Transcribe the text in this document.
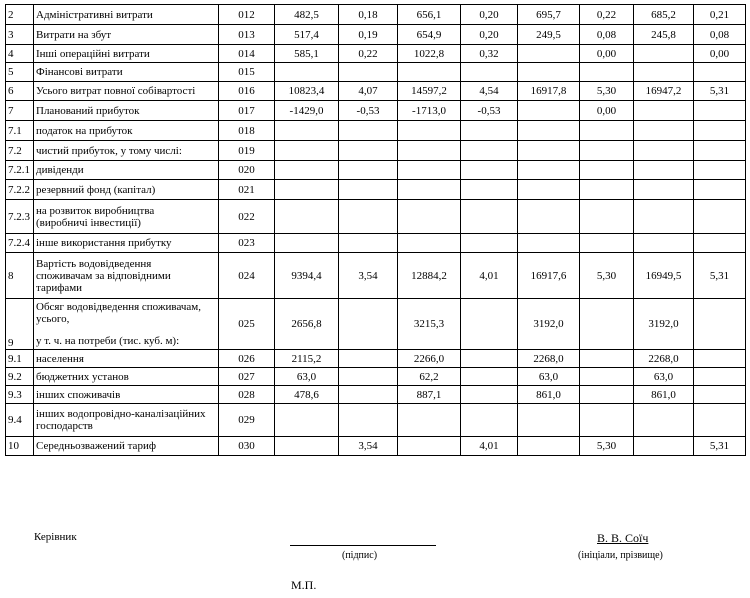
2	Адміністративні витрати	012	482,5	0,18	656,1	0,20	695,7	0,22	685,2	0,21
3	Витрати на збут	013	517,4	0,19	654,9	0,20	249,5	0,08	245,8	0,08
4	Інші операційні витрати	014	585,1	0,22	1022,8	0,32		0,00		0,00
5	Фінансові витрати	015								
6	Усього витрат повної собівартості	016	10823,4	4,07	14597,2	4,54	16917,8	5,30	16947,2	5,31
7	Планований прибуток	017	-1429,0	-0,53	-1713,0	-0,53		0,00		
7.1	податок на прибуток	018								
7.2	чистий прибуток, у тому числі:	019								
7.2.1	дивіденди	020								
7.2.2	резервний фонд (капітал)	021								
7.2.3	на розвиток виробництва
(виробничі інвестиції)	022								
7.2.4	інше використання прибутку	023								
8	Вартість водовідведення
споживачам за відповідними
тарифами	024	9394,4	3,54	12884,2	4,01	16917,6	5,30	16949,5	5,31
9	Обсяг водовідведення споживачам,
усього,
у т. ч. на потреби (тис. куб. м):	025	2656,8		3215,3		3192,0		3192,0	
9.1	населення	026	2115,2		2266,0		2268,0		2268,0	
9.2	бюджетних установ	027	63,0		62,2		63,0		63,0	
9.3	інших споживачів	028	478,6		887,1		861,0		861,0	
9.4	інших водопровідно-каналізаційних
господарств	029								
10	Середньозважений тариф	030		3,54		4,01		5,30		5,31
Керівник
(підпис)
В. В. Соїч
(ініціали, прізвище)
М.П.
